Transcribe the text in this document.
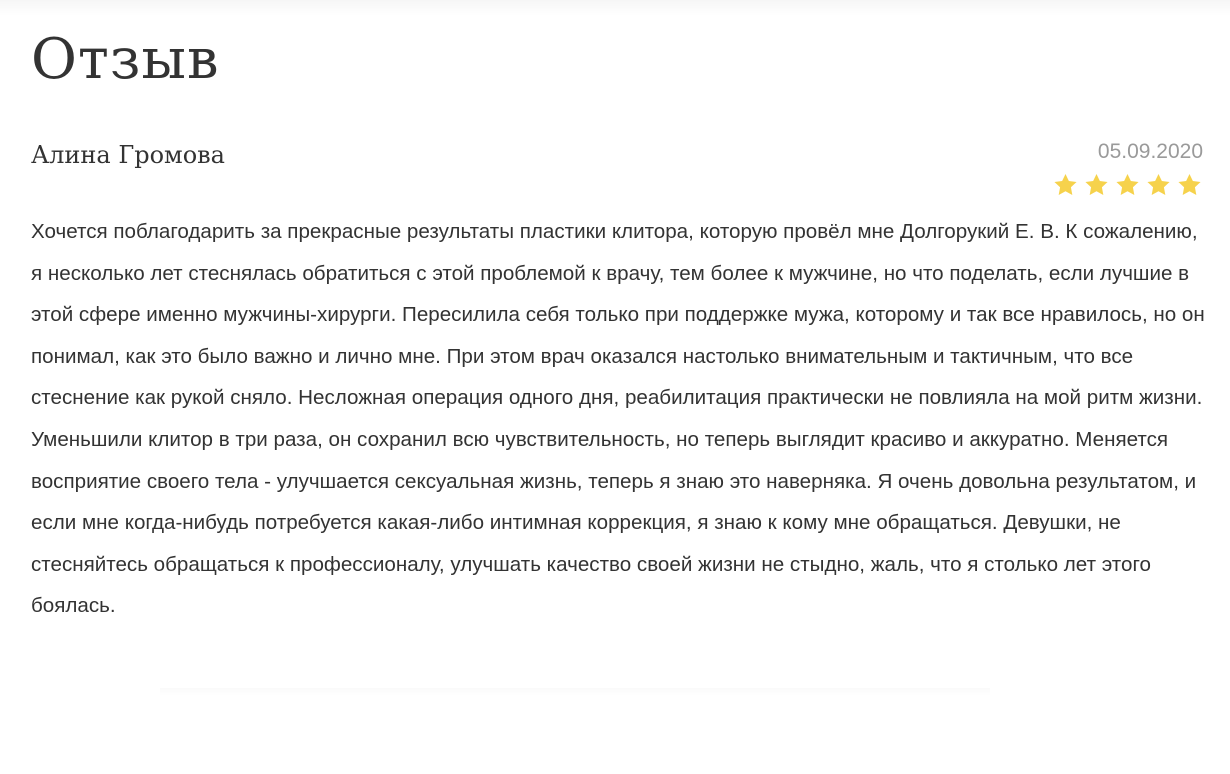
Отзыв
Алина Громова	05.09.2020

Хочется поблагодарить за прекрасные результаты пластики клитора, которую провёл мне Долгорукий Е. В. К сожалению, я несколько лет стеснялась обратиться с этой проблемой к врачу, тем более к мужчине, но что поделать, если лучшие в этой сфере именно мужчины-хирурги. Пересилила себя только при поддержке мужа, которому и так все нравилось, но он понимал, как это было важно и лично мне. При этом врач оказался настолько внимательным и тактичным, что все стеснение как рукой сняло. Несложная операция одного дня, реабилитация практически не повлияла на мой ритм жизни. Уменьшили клитор в три раза, он сохранил всю чувствительность, но теперь выглядит красиво и аккуратно. Меняется восприятие своего тела - улучшается сексуальная жизнь, теперь я знаю это наверняка. Я очень довольна результатом, и если мне когда-нибудь потребуется какая-либо интимная коррекция, я знаю к кому мне обращаться. Девушки, не стесняйтесь обращаться к профессионалу, улучшать качество своей жизни не стыдно, жаль, что я столько лет этого боялась.
